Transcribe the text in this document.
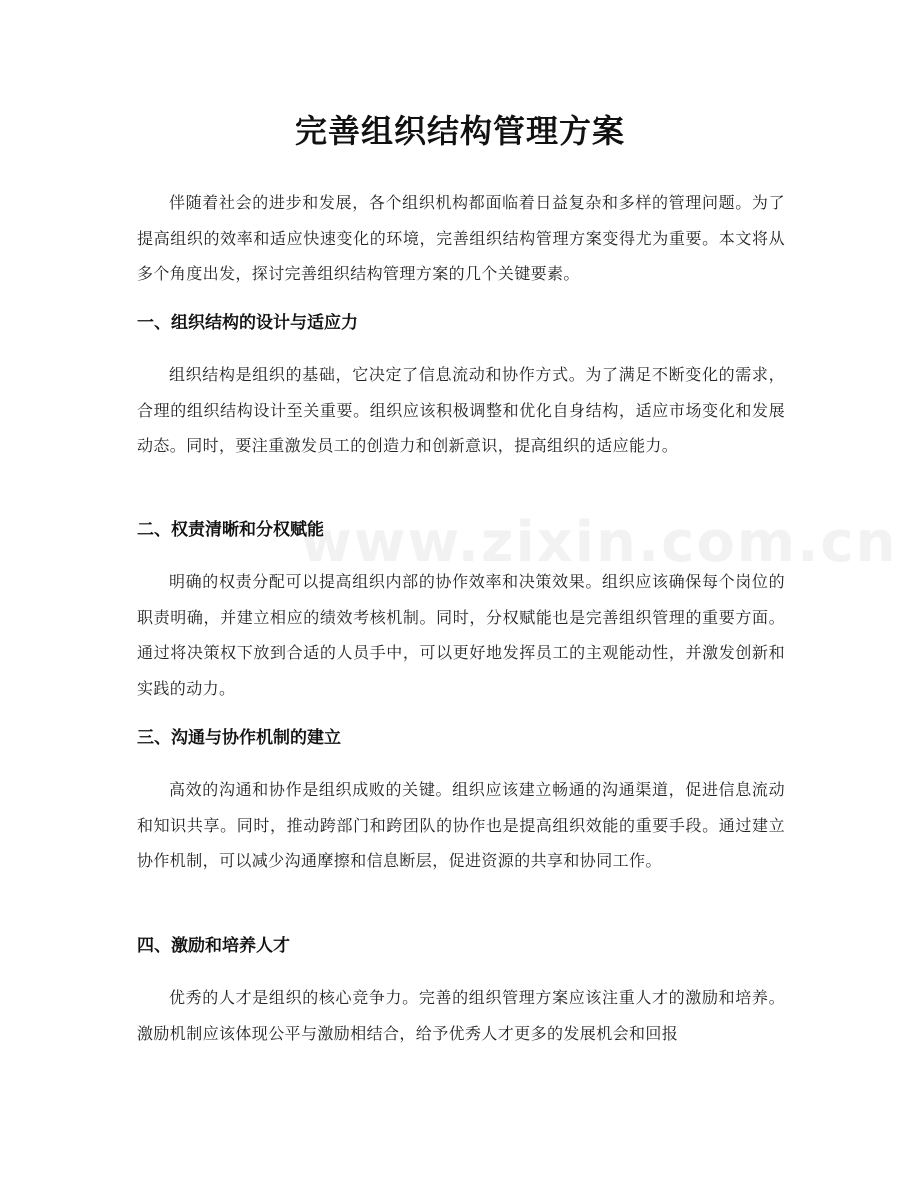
www.zixin.com.cn
完善组织结构管理方案
伴随着社会的进步和发展，各个组织机构都面临着日益复杂和多样的管理问题。为了提高组织的效率和适应快速变化的环境，完善组织结构管理方案变得尤为重要。本文将从多个角度出发，探讨完善组织结构管理方案的几个关键要素。
一、组织结构的设计与适应力
组织结构是组织的基础，它决定了信息流动和协作方式。为了满足不断变化的需求，合理的组织结构设计至关重要。组织应该积极调整和优化自身结构，适应市场变化和发展动态。同时，要注重激发员工的创造力和创新意识，提高组织的适应能力。
二、权责清晰和分权赋能
明确的权责分配可以提高组织内部的协作效率和决策效果。组织应该确保每个岗位的职责明确，并建立相应的绩效考核机制。同时，分权赋能也是完善组织管理的重要方面。通过将决策权下放到合适的人员手中，可以更好地发挥员工的主观能动性，并激发创新和实践的动力。
三、沟通与协作机制的建立
高效的沟通和协作是组织成败的关键。组织应该建立畅通的沟通渠道，促进信息流动和知识共享。同时，推动跨部门和跨团队的协作也是提高组织效能的重要手段。通过建立协作机制，可以减少沟通摩擦和信息断层，促进资源的共享和协同工作。
四、激励和培养人才
优秀的人才是组织的核心竞争力。完善的组织管理方案应该注重人才的激励和培养。激励机制应该体现公平与激励相结合，给予优秀人才更多的发展机会和回报
